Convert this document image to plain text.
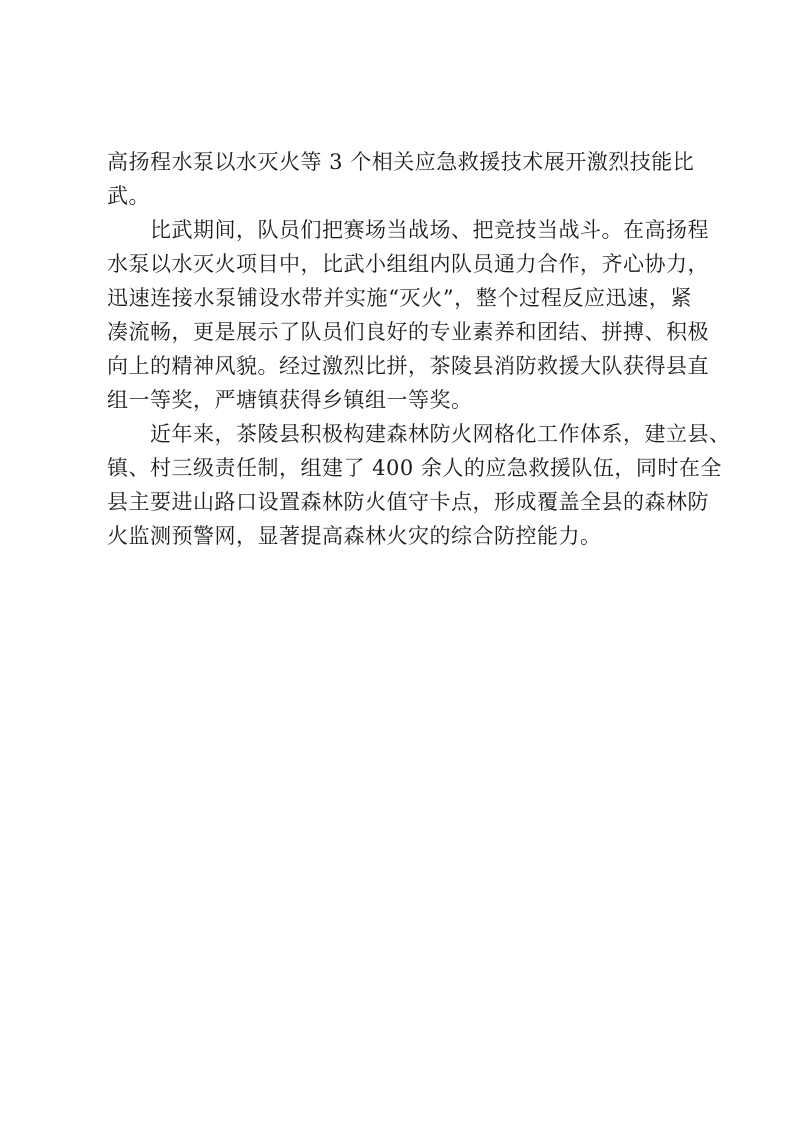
高扬程水泵以水灭火等 3 个相关应急救援技术展开激烈技能比
武。
　　比武期间，队员们把赛场当战场、把竞技当战斗。在高扬程
水泵以水灭火项目中，比武小组组内队员通力合作，齐心协力，
迅速连接水泵铺设水带并实施“灭火”，整个过程反应迅速，紧
凑流畅，更是展示了队员们良好的专业素养和团结、拼搏、积极
向上的精神风貌。经过激烈比拼，茶陵县消防救援大队获得县直
组一等奖，严塘镇获得乡镇组一等奖。
　　近年来，茶陵县积极构建森林防火网格化工作体系，建立县、
镇、村三级责任制，组建了 400 余人的应急救援队伍，同时在全
县主要进山路口设置森林防火值守卡点，形成覆盖全县的森林防
火监测预警网，显著提高森林火灾的综合防控能力。
